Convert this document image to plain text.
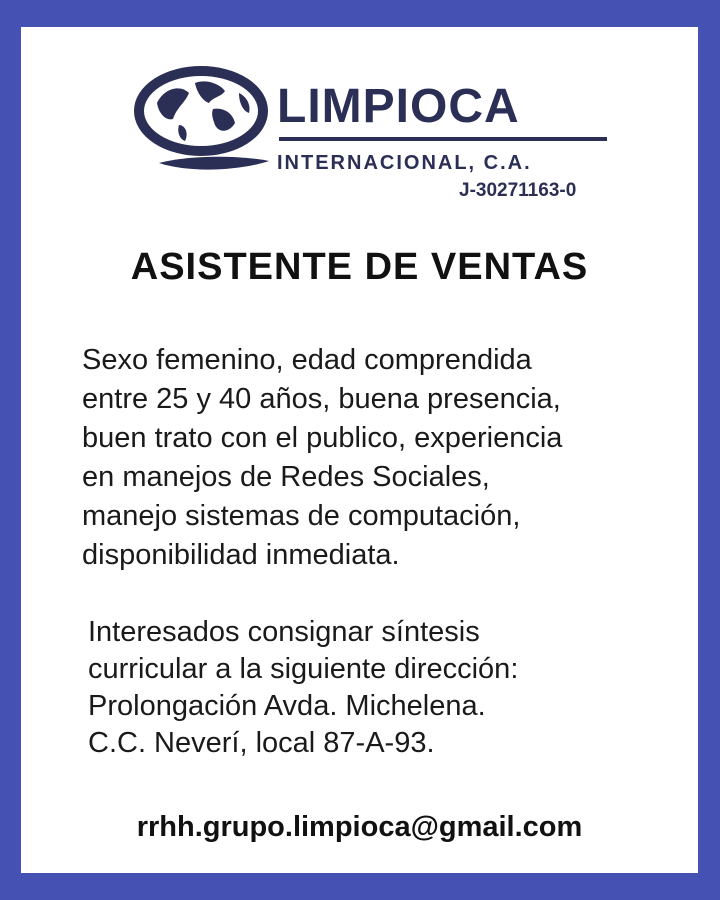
LIMPIOCA
INTERNACIONAL, C.A.
J-30271163-0
ASISTENTE DE VENTAS
Sexo femenino, edad comprendida
entre 25 y 40 años, buena presencia,
buen trato con el publico, experiencia
en manejos de Redes Sociales,
manejo sistemas de computación,
disponibilidad inmediata.
Interesados consignar síntesis
curricular a la siguiente dirección:
Prolongación Avda. Michelena.
C.C. Neverí, local 87-A-93.
rrhh.grupo.limpioca@gmail.com
